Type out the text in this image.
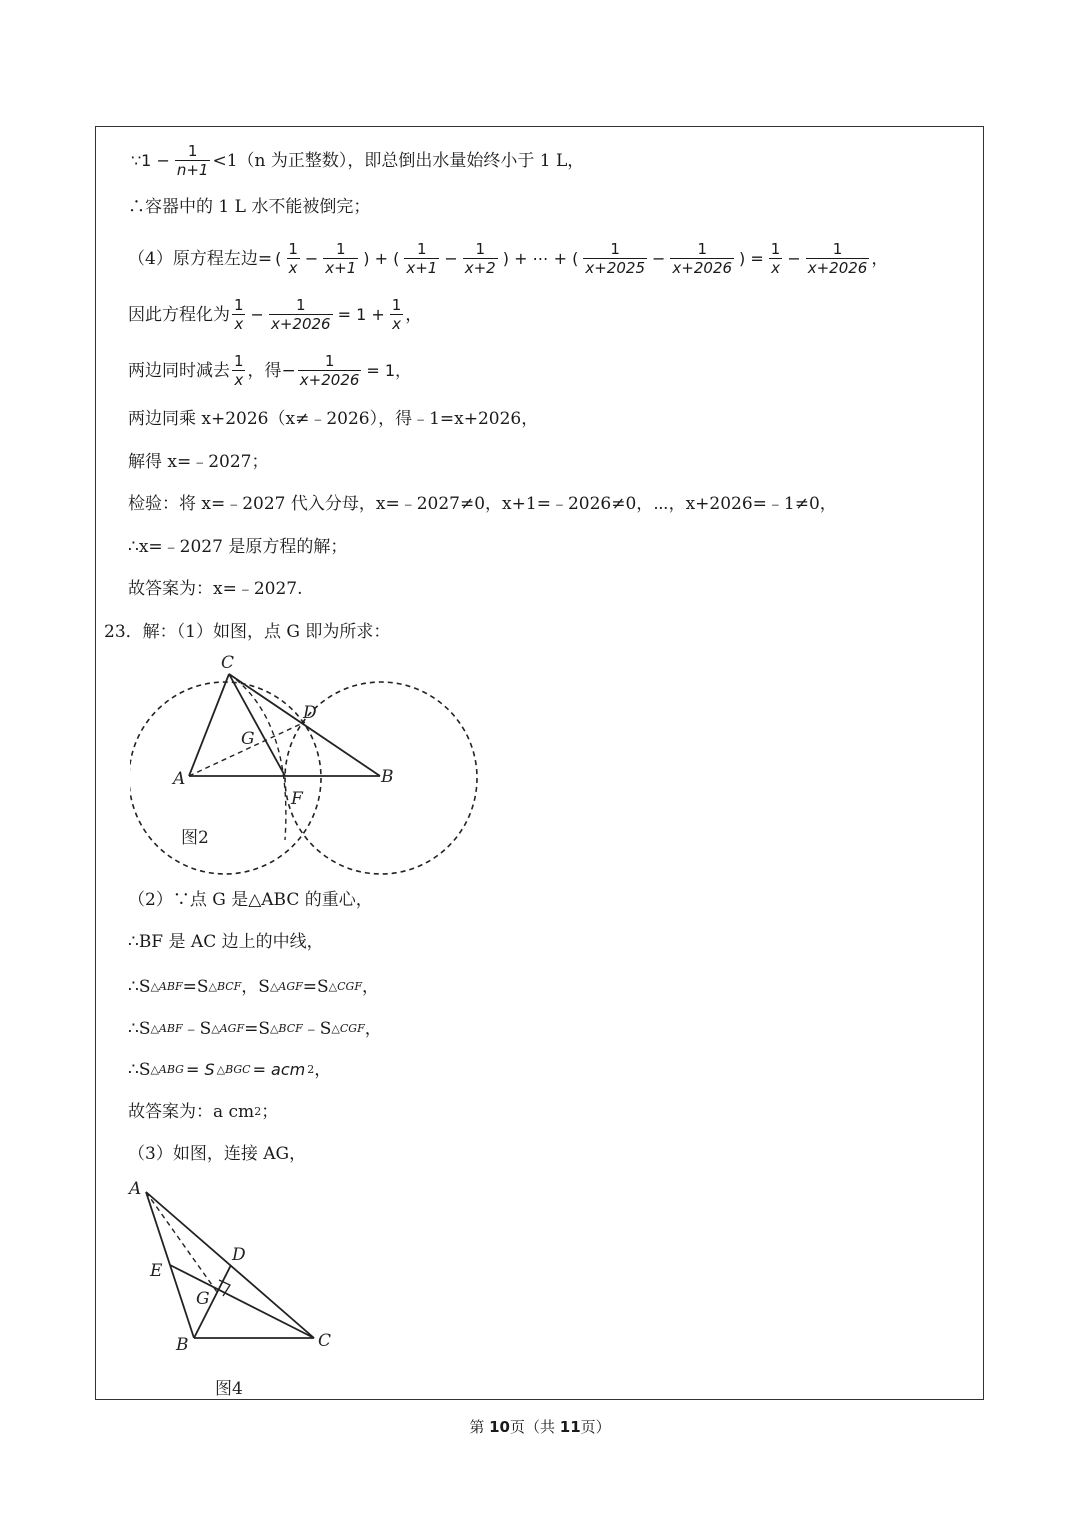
∵1 − $\frac{1}{n+1} <1(n$ 为正整数），即总倒出水量始终小于 1 L，
∴容器中的 1 L 水不能被倒完；
（4）原方程左边= ( $\frac{1}{x} - \frac{1}{x+1}$ ) + ( $\frac{1}{x+1} - \frac{1}{x+2}$ ) + ⋯ + ( $\frac{1}{x+2025} - \frac{1}{x+2026}$ ) = $\frac{1}{x} - \frac{1}{x+2026}$ ，
因此方程化为 $\frac{1}{x} - \frac{1}{x+2026} = 1 + \frac{1}{x}$ ，
两边同时减去 $\frac{1}{x}$ ，得− $\frac{1}{x+2026} = 1$，
两边同乘 x+2026（x≠﹣2026），得﹣1=x+2026，
解得 x=﹣2027；
检验：将 x=﹣2027 代入分母，x=﹣2027≠0，x+1=﹣2026≠0，⋯，x+2026=﹣1≠0，
∴x=﹣2027 是原方程的解；
故答案为：x=﹣2027.
23．解：（1）如图，点 G 即为所求：
C
D
G
A	B
F
图2
（2）∵点 G 是△ABC 的重心，
∴BF 是 AC 边上的中线，
∴S △ABF =S △BCF ，S △AGF =S △CGF ，
∴S △ABF ﹣S △AGF =S △BCF ﹣S △CGF ，
∴S △ABG = S △BGC = acm 2 ，
故答案为：a cm 2 ；
（3）如图，连接 AG，
A
D
E
G
B	C
图4
第 10页（共 11页）
